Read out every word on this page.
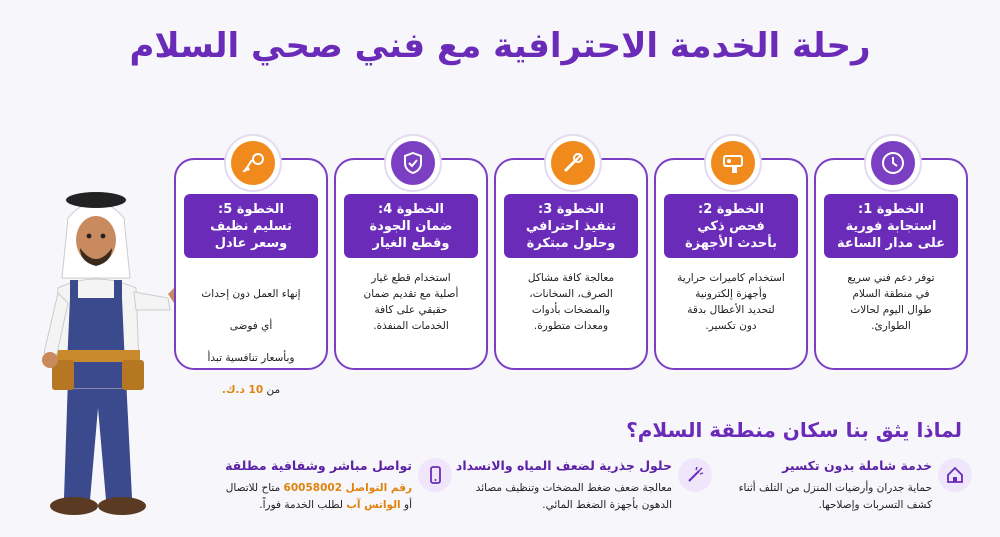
رحلة الخدمة الاحترافية مع فني صحي السلام
الخطوة 1:
استجابة فورية
على مدار الساعة
توفر دعم فني سريع
في منطقة السلام
طوال اليوم لحالات
الطوارئ.
الخطوة 2:
فحص ذكي
بأحدث الأجهزة
استخدام كاميرات حرارية
وأجهزة إلكترونية
لتحديد الأعطال بدقة
دون تكسير.
الخطوة 3:
تنفيذ احترافي
وحلول مبتكرة
معالجة كافة مشاكل
الصرف، السخانات،
والمضخات بأدوات
ومعدات متطورة.
الخطوة 4:
ضمان الجودة
وقطع الغيار
استخدام قطع غيار
أصلية مع تقديم ضمان
حقيقي على كافة
الخدمات المنفذة.
الخطوة 5:
تسليم نظيف
وسعر عادل

إنهاء العمل دون إحداث

أي فوضى

وبأسعار تنافسية تبدأ

من 10 د.ك.

لماذا يثق بنا سكان منطقة السلام؟
خدمة شاملة بدون تكسير
حماية جدران وأرضيات المنزل من التلف أثناء كشف التسربات وإصلاحها.
حلول جذرية لضعف المياه والانسداد
معالجة ضعف ضغط المضخات وتنظيف مصائد الدهون بأجهزة الضغط المائي.
تواصل مباشر وشفافية مطلقة
رقم التواصل 60058002 متاح للاتصال
أو الواتس آب لطلب الخدمة فوراً.
